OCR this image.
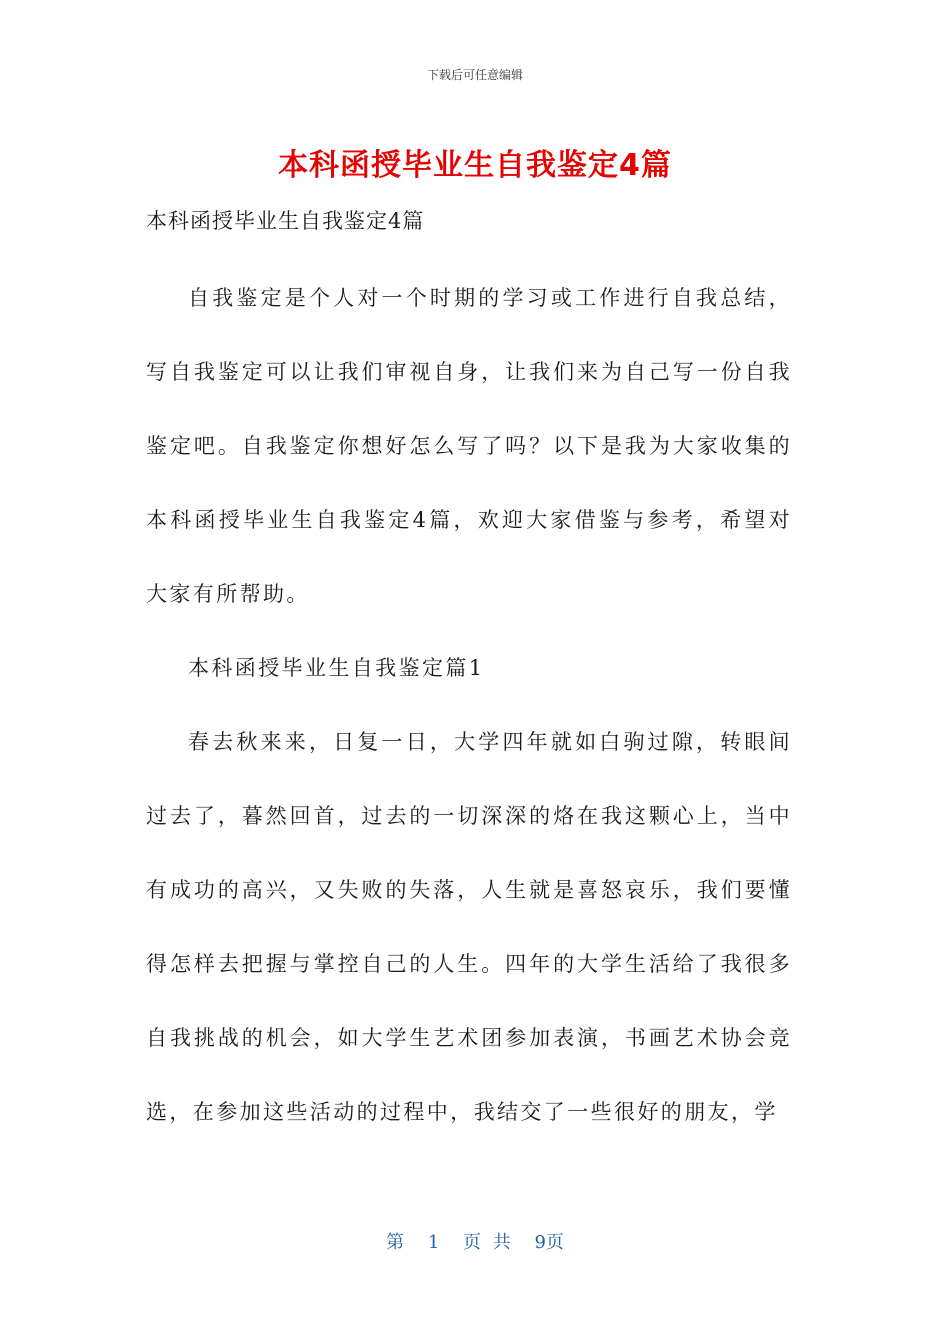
下载后可任意编辑
本科函授毕业生自我鉴定4篇
本科函授毕业生自我鉴定4篇

自我鉴定是个人对一个时期的学习或工作进行自我总结，写自我鉴定可以让我们审视自身，让我们来为自己写一份自我鉴定吧。自我鉴定你想好怎么写了吗？以下是我为大家收集的本科函授毕业生自我鉴定4篇，欢迎大家借鉴与参考，希望对大家有所帮助。

本科函授毕业生自我鉴定篇1

春去秋来来，日复一日，大学四年就如白驹过隙，转眼间过去了，暮然回首，过去的一切深深的烙在我这颗心上，当中有成功的高兴，又失败的失落，人生就是喜怒哀乐，我们要懂得怎样去把握与掌控自己的人生。四年的大学生活给了我很多自我挑战的机会，如大学生艺术团参加表演，书画艺术协会竞选，在参加这些活动的过程中，我结交了一些很好的朋友，学

第 1 页 共 9页
